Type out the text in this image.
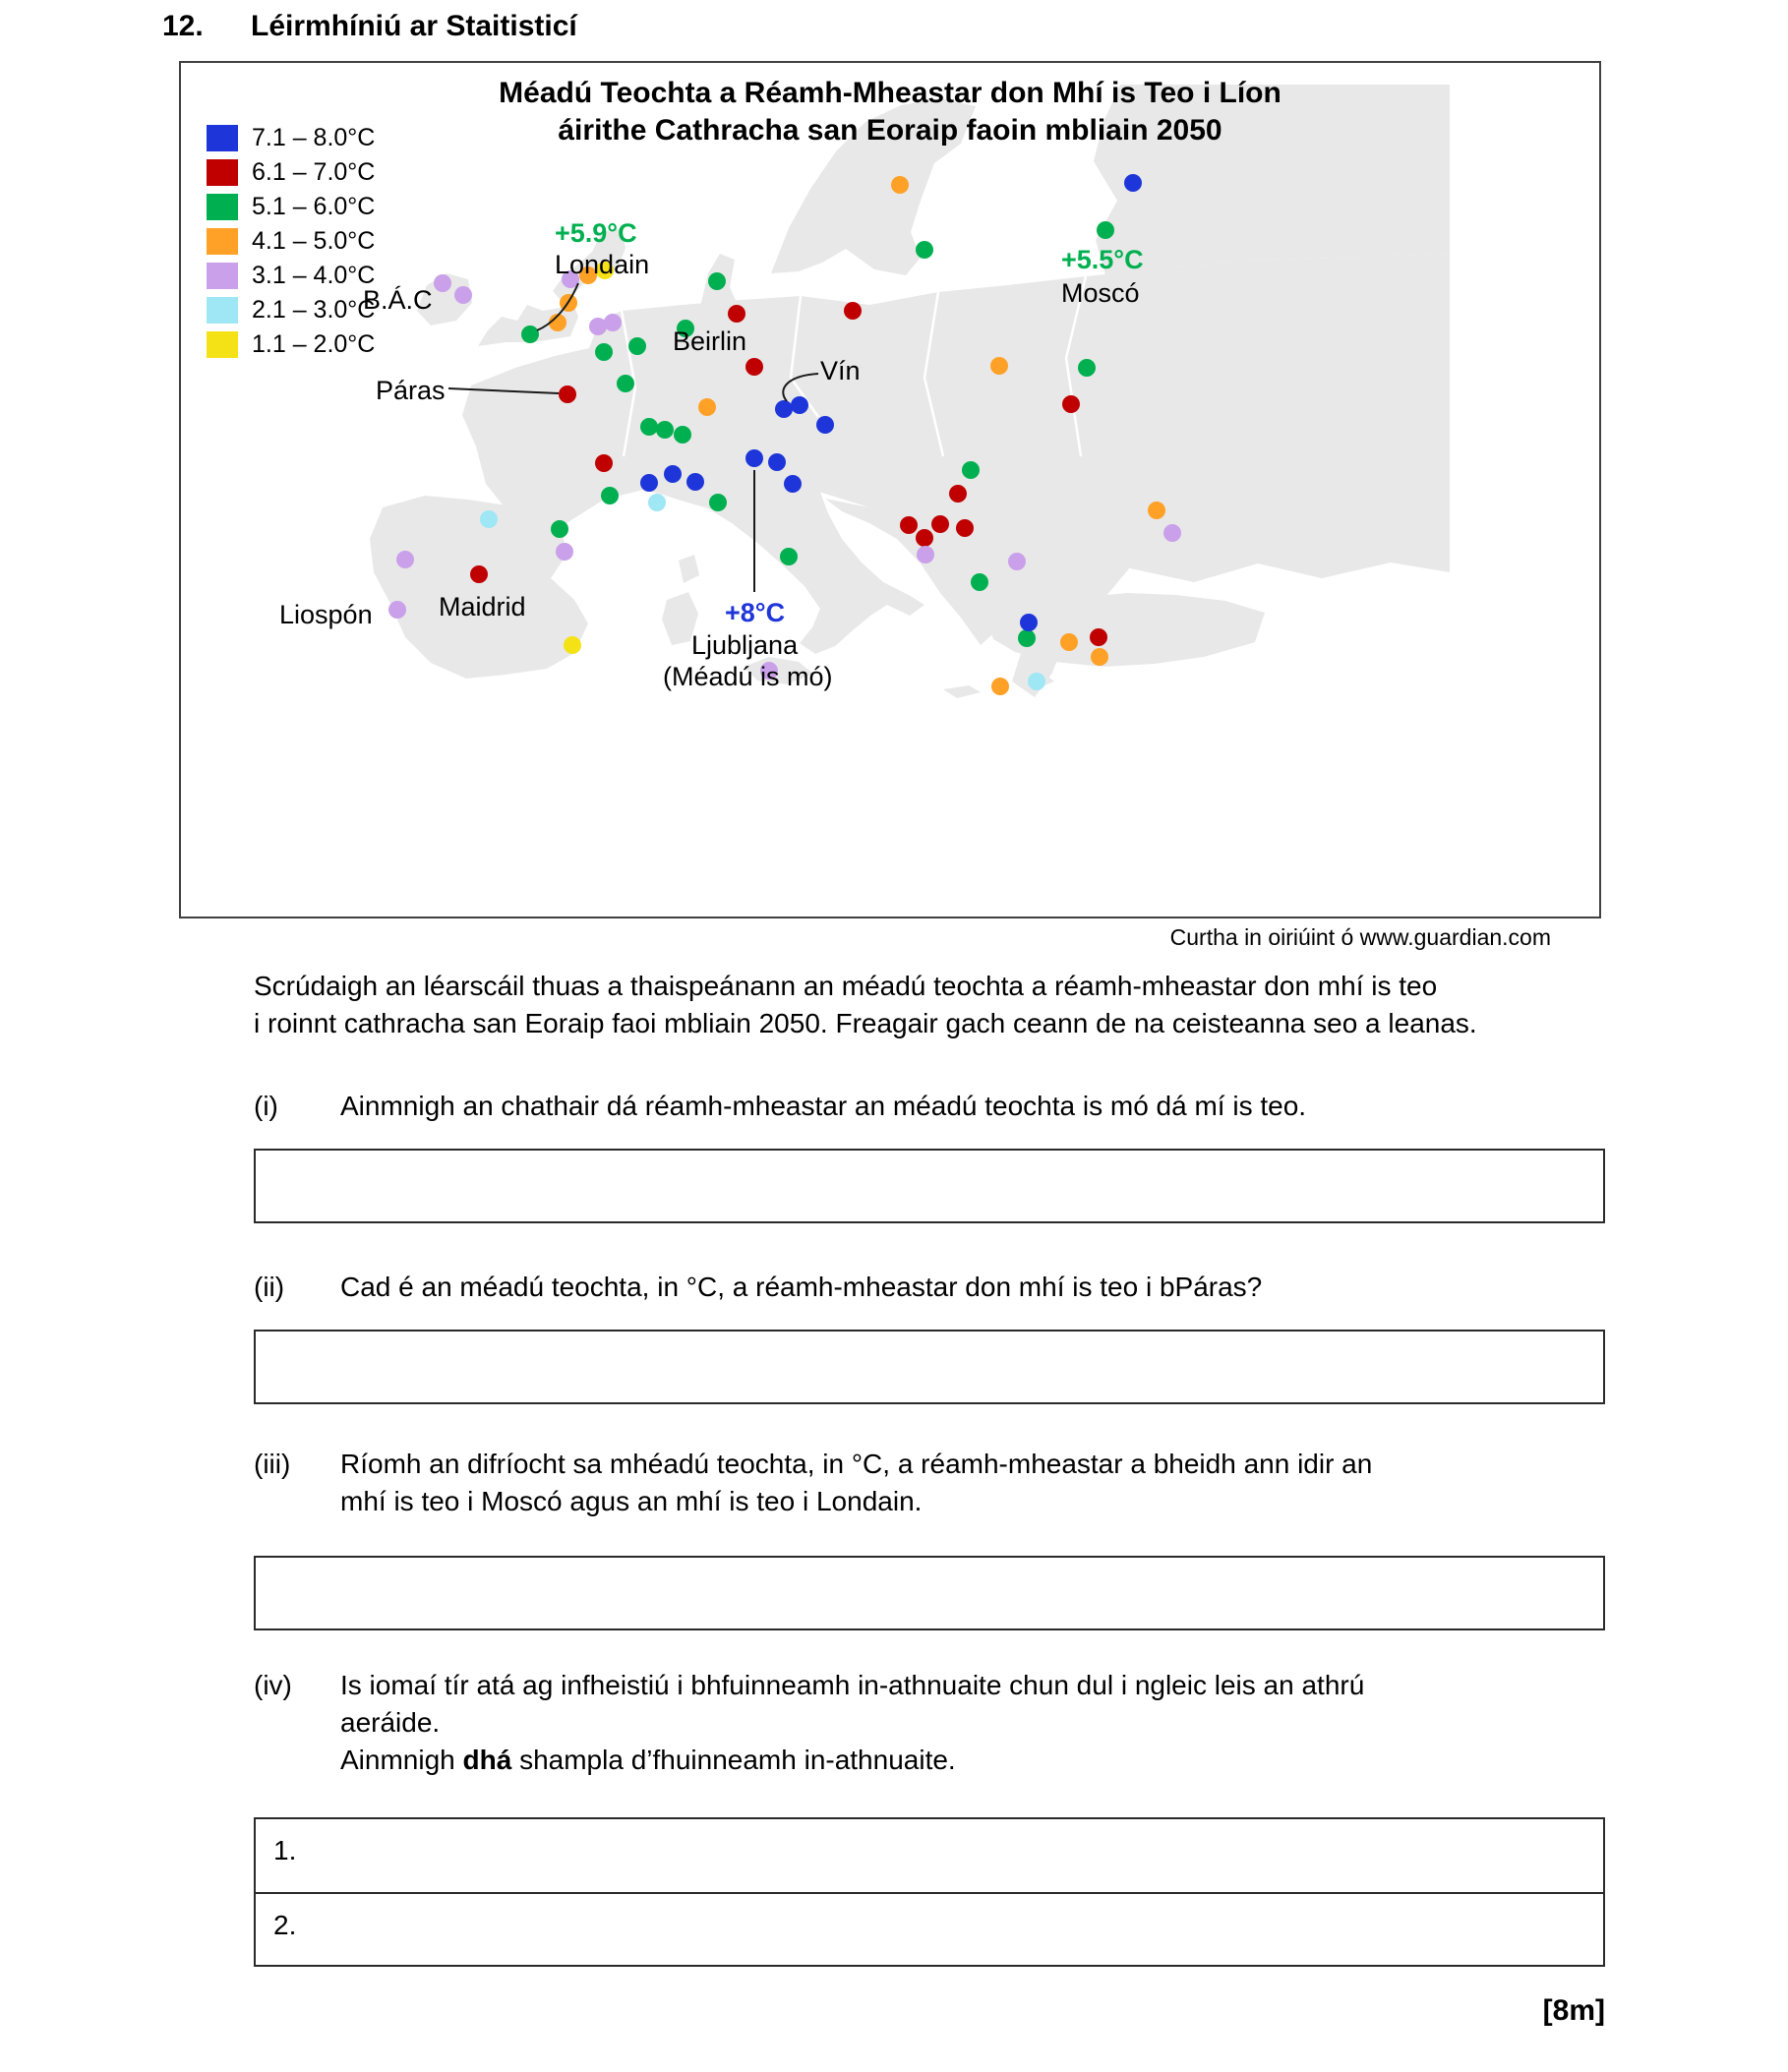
12.	Léirmhíniú ar Staitisticí
Méadú Teochta a Réamh-Mheastar don Mhí is Teo i Líon
áirithe Cathracha san Eoraip faoin mbliain 2050
7.1 – 8.0°C
6.1 – 7.0°C
5.1 – 6.0°C
4.1 – 5.0°C
3.1 – 4.0°C
2.1 – 3.0°C
1.1 – 2.0°C
+5.9°C
Londain
B.Á.C
Páras
Beirlin
Vín
+5.5°C
Moscó
+8°C
Ljubljana
(Méadú is mó)
Maidrid
Liospón
Curtha in oiriúint ó www.guardian.com
Scrúdaigh an léarscáil thuas a thaispeánann an méadú teochta a réamh-mheastar don mhí is teo
i roinnt cathracha san Eoraip faoi mbliain 2050. Freagair gach ceann de na ceisteanna seo a leanas.
(i)	Ainmnigh an chathair dá réamh-mheastar an méadú teochta is mó dá mí is teo.
(ii)	Cad é an méadú teochta, in °C, a réamh-mheastar don mhí is teo i bPáras?
(iii)	Ríomh an difríocht sa mhéadú teochta, in °C, a réamh-mheastar a bheidh ann idir an
mhí is teo i Moscó agus an mhí is teo i Londain.
(iv)	Is iomaí tír atá ag infheistiú i bhfuinneamh in-athnuaite chun dul i ngleic leis an athrú
aeráide.
Ainmnigh dhá shampla d’fhuinneamh in-athnuaite.
1.
2.
[8m]
